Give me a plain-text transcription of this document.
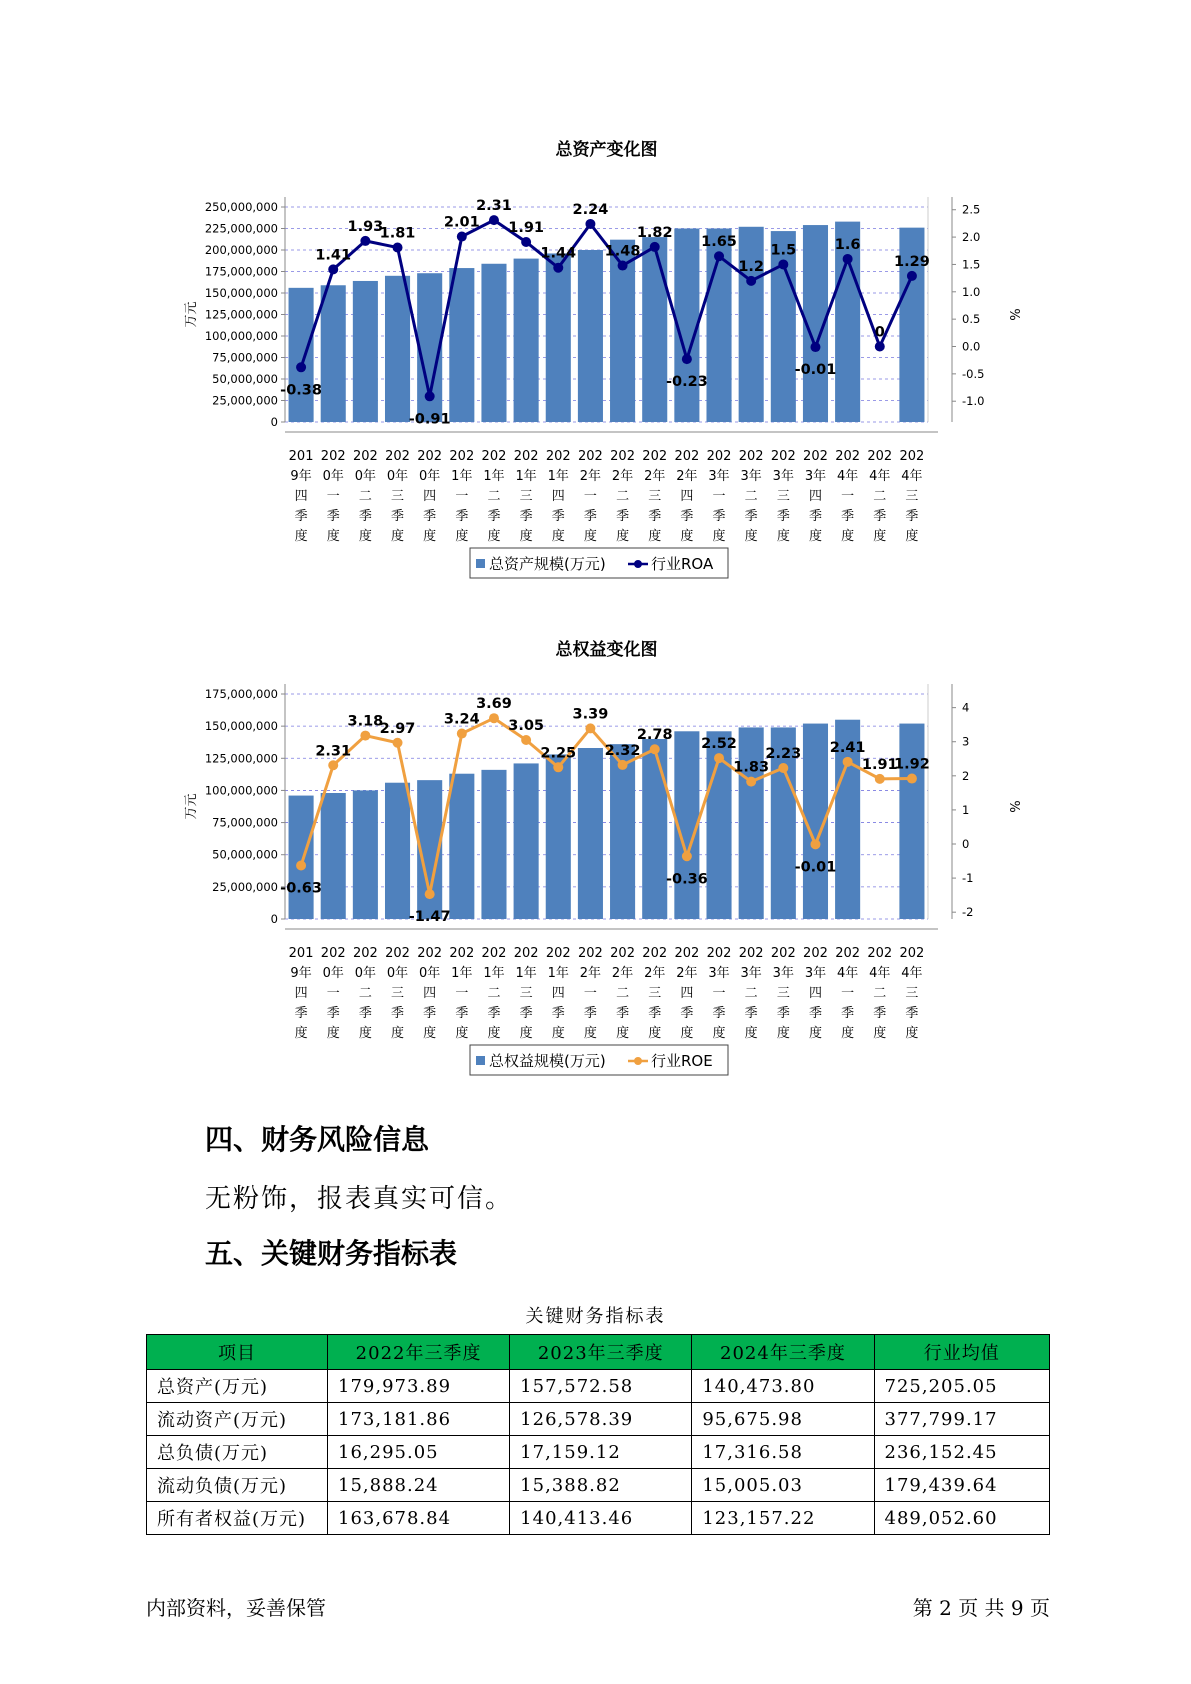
总资产变化图
0
25,000,000
50,000,000
75,000,000
100,000,000
125,000,000
150,000,000
175,000,000
200,000,000
225,000,000
250,000,000	2.5
2.0
1.5
1.0
0.5
0.0
-0.5
-1.0
万元	%
-0.38
1.41
1.93
1.81
-0.91
2.01
2.31
1.91
1.44
2.24
1.48
1.82
-0.23
1.65
1.2
1.5
-0.01
1.6
0
1.29
201
9年
四
季
度
202
0年
一
季
度
202
0年
二
季
度
202
0年
三
季
度
202
0年
四
季
度
202
1年
一
季
度
202
1年
二
季
度
202
1年
三
季
度
202
1年
四
季
度
202
2年
一
季
度
202
2年
二
季
度
202
2年
三
季
度
202
2年
四
季
度
202
3年
一
季
度
202
3年
二
季
度
202
3年
三
季
度
202
3年
四
季
度
202
4年
一
季
度
202
4年
二
季
度
202
4年
三
季
度
总资产规模(万元)	行业ROA
总权益变化图
0
25,000,000
50,000,000
75,000,000
100,000,000
125,000,000
150,000,000
175,000,000
4
3
2
1
0
-1
-2
万元	%
-0.63
2.31
3.18
2.97
-1.47
3.24
3.69
3.05
2.25
3.39
2.32
2.78
-0.36
2.52
1.83
2.23
-0.01
2.41
1.91
1.92
201
9年
四
季
度
202
0年
一
季
度
202
0年
二
季
度
202
0年
三
季
度
202
0年
四
季
度
202
1年
一
季
度
202
1年
二
季
度
202
1年
三
季
度
202
1年
四
季
度
202
2年
一
季
度
202
2年
二
季
度
202
2年
三
季
度
202
2年
四
季
度
202
3年
一
季
度
202
3年
二
季
度
202
3年
三
季
度
202
3年
四
季
度
202
4年
一
季
度
202
4年
二
季
度
202
4年
三
季
度
总权益规模(万元)	行业ROE
四、财务风险信息
无粉饰，报表真实可信。
五、关键财务指标表
关键财务指标表
项目	2022年三季度	2023年三季度	2024年三季度	行业均值
总资产(万元)	179,973.89	157,572.58	140,473.80	725,205.05
流动资产(万元)	173,181.86	126,578.39	95,675.98	377,799.17
总负债(万元)	16,295.05	17,159.12	17,316.58	236,152.45
流动负债(万元)	15,888.24	15,388.82	15,005.03	179,439.64
所有者权益(万元)	163,678.84	140,413.46	123,157.22	489,052.60
内部资料，妥善保管	第 2 页 共 9 页
